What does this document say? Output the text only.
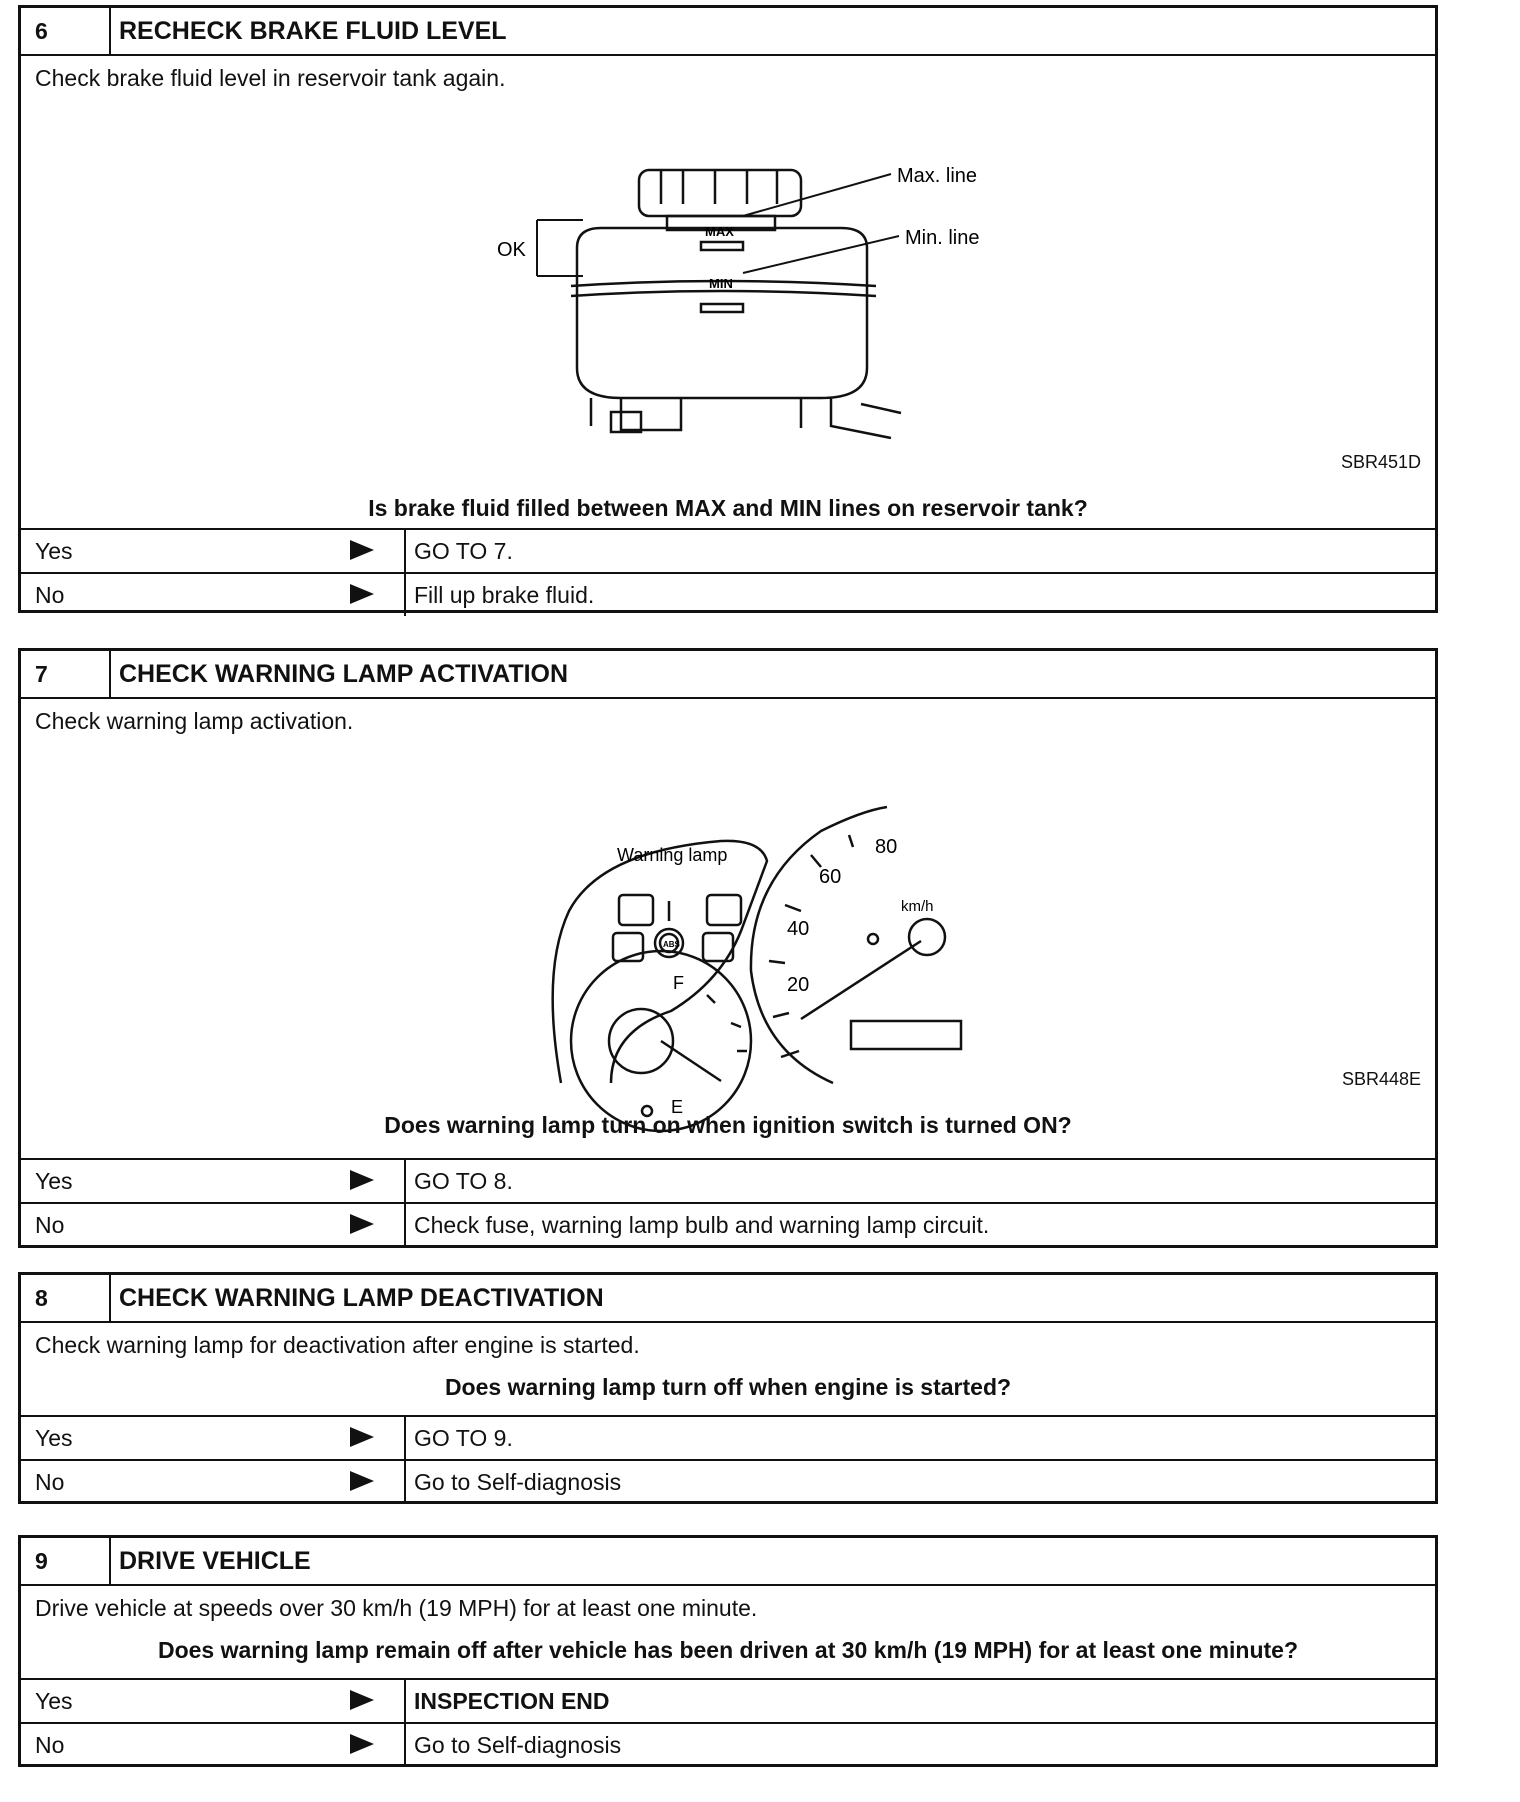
6	RECHECK BRAKE FLUID LEVEL
Check brake fluid level in reservoir tank again.
OK
MAX
MIN
Max. line
Min. line
SBR451D
Is brake fluid filled between MAX and MIN lines on reservoir tank?
Yes	GO TO 7.
No	Fill up brake fluid.
7	CHECK WARNING LAMP ACTIVATION
Check warning lamp activation.
Warning lamp
ABS
F
E
80
60
40
20
km/h
SBR448E
Does warning lamp turn on when ignition switch is turned ON?
Yes	GO TO 8.
No	Check fuse, warning lamp bulb and warning lamp circuit.
8	CHECK WARNING LAMP DEACTIVATION
Check warning lamp for deactivation after engine is started.
Does warning lamp turn off when engine is started?
Yes	GO TO 9.
No	Go to Self-diagnosis
9	DRIVE VEHICLE
Drive vehicle at speeds over 30 km/h (19 MPH) for at least one minute.
Does warning lamp remain off after vehicle has been driven at 30 km/h (19 MPH) for at least one minute?
Yes	INSPECTION END
No	Go to Self-diagnosis
